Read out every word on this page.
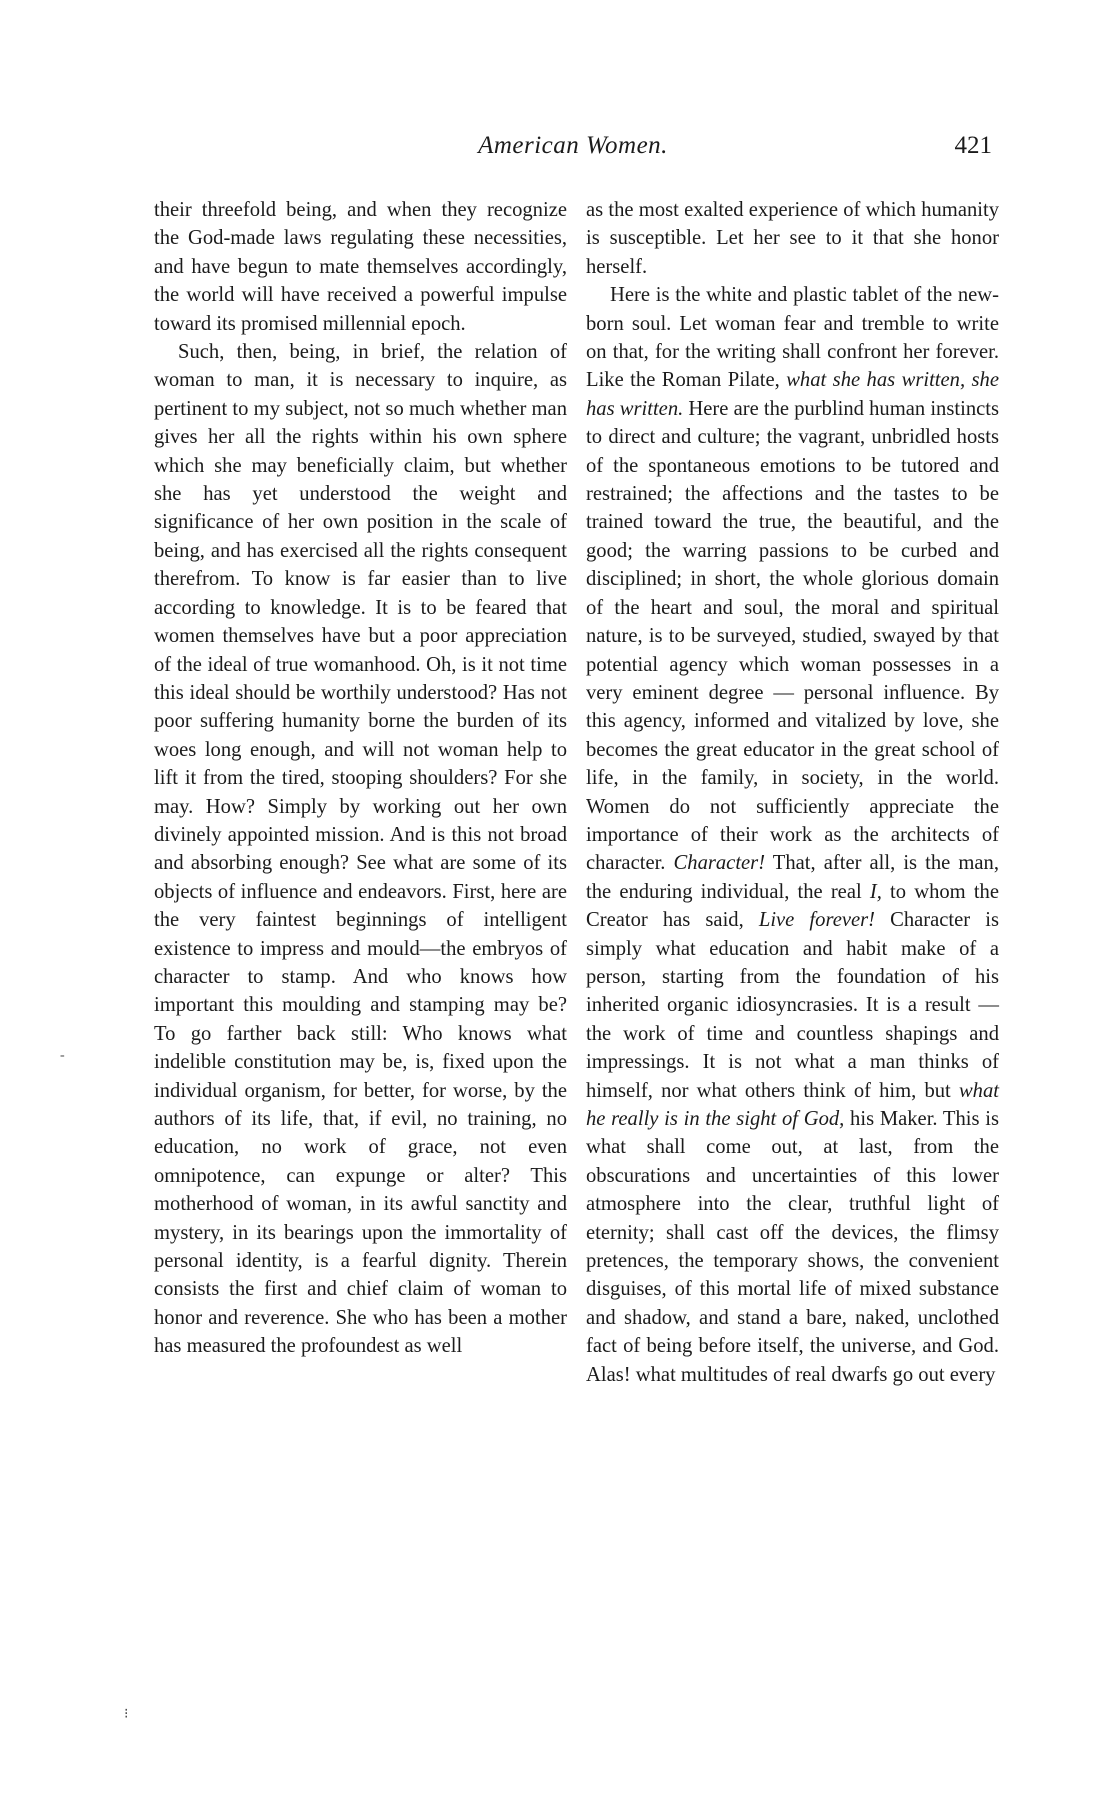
American Women.	421

their threefold being, and when they recognize the God-made laws regulating these necessities, and have begun to mate themselves accordingly, the world will have received a powerful impulse toward its promised millennial epoch.

Such, then, being, in brief, the relation of woman to man, it is necessary to inquire, as pertinent to my subject, not so much whether man gives her all the rights within his own sphere which she may beneficially claim, but whether she has yet understood the weight and significance of her own position in the scale of being, and has exercised all the rights consequent therefrom. To know is far easier than to live according to knowledge. It is to be feared that women themselves have but a poor appreciation of the ideal of true womanhood. Oh, is it not time this ideal should be worthily understood? Has not poor suffering humanity borne the burden of its woes long enough, and will not woman help to lift it from the tired, stooping shoulders? For she may. How? Simply by working out her own divinely appointed mission. And is this not broad and absorbing enough? See what are some of its objects of influence and endeavors. First, here are the very faintest beginnings of intelligent existence to impress and mould—the embryos of character to stamp. And who knows how important this moulding and stamping may be? To go farther back still: Who knows what indelible constitution may be, is, fixed upon the individual organism, for better, for worse, by the authors of its life, that, if evil, no training, no education, no work of grace, not even omnipotence, can expunge or alter? This motherhood of woman, in its awful sanctity and mystery, in its bearings upon the immortality of personal identity, is a fearful dignity. Therein consists the first and chief claim of woman to honor and reverence. She who has been a mother has measured the profoundest as well

as the most exalted experience of which humanity is susceptible. Let her see to it that she honor herself.

Here is the white and plastic tablet of the new-born soul. Let woman fear and tremble to write on that, for the writing shall confront her forever. Like the Roman Pilate, what she has written, she has written. Here are the purblind human instincts to direct and culture; the vagrant, unbridled hosts of the spontaneous emotions to be tutored and restrained; the affections and the tastes to be trained toward the true, the beautiful, and the good; the warring passions to be curbed and disciplined; in short, the whole glorious domain of the heart and soul, the moral and spiritual nature, is to be surveyed, studied, swayed by that potential agency which woman possesses in a very eminent degree — personal influence. By this agency, informed and vitalized by love, she becomes the great educator in the great school of life, in the family, in society, in the world. Women do not sufficiently appreciate the importance of their work as the architects of character. Character! That, after all, is the man, the enduring individual, the real I, to whom the Creator has said, Live forever! Character is simply what education and habit make of a person, starting from the foundation of his inherited organic idiosyncrasies. It is a result — the work of time and countless shapings and impressings. It is not what a man thinks of himself, nor what others think of him, but what he really is in the sight of God, his Maker. This is what shall come out, at last, from the obscurations and uncertainties of this lower atmosphere into the clear, truthful light of eternity; shall cast off the devices, the flimsy pretences, the temporary shows, the convenient disguises, of this mortal life of mixed substance and shadow, and stand a bare, naked, unclothed fact of being before itself, the universe, and God. Alas! what multitudes of real dwarfs go out every

-
⁝
